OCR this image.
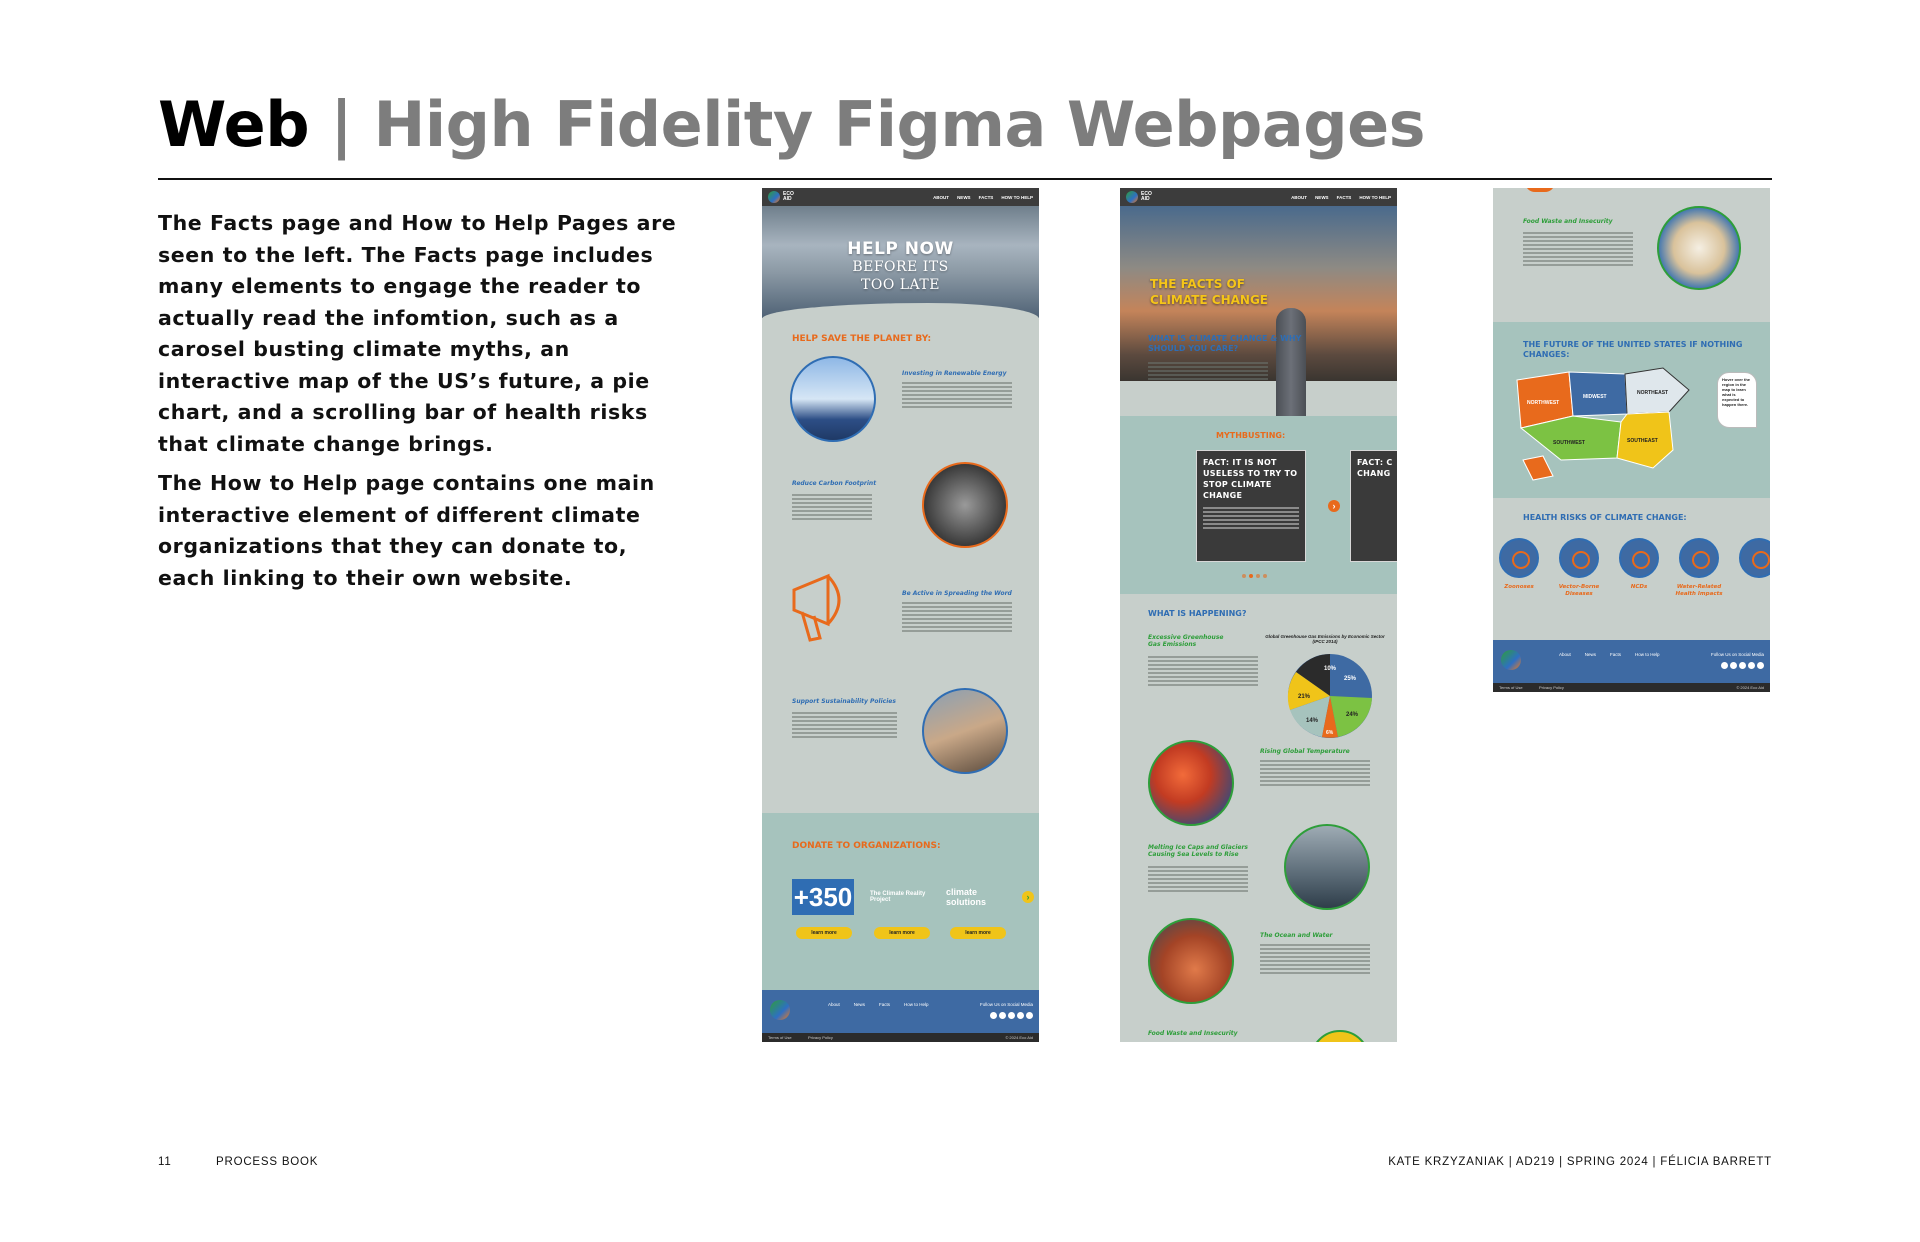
Web | High Fidelity Figma Webpages

The Facts page and How to Help Pages are seen to the left. The Facts page includes many elements to engage the reader to actually read the infomtion, such as a carosel busting climate myths, an interactive map of the US’s future, a pie chart, and a scrolling bar of health risks that climate change brings.

The How to Help page contains one main interactive element of different climate organizations that they can donate to, each linking to their own website.

ECO AID	ABOUT NEWS FACTS HOW TO HELP
HELP NOW
BEFORE ITS
TOO LATE
HELP SAVE THE PLANET BY:
Investing in Renewable Energy
Reduce Carbon Footprint
Be Active in Spreading the Word
Support Sustainability Policies
DONATE TO ORGANIZATIONS:
+ 350	The Climate Reality Project
climate solutions	›
learn more	learn more	learn more
About	News	Facts	How to Help	Follow Us on Social Media
Terms of Use	Privacy Policy	© 2024 Eco Aid
ECO AID	ABOUT NEWS FACTS HOW TO HELP
THE FACTS OF
CLIMATE CHANGE
WHAT IS CLIMATE CHANGE & WHY SHOULD YOU CARE?
MYTHBUSTING:
FACT: IT IS NOT USELESS TO TRY TO STOP CLIMATE CHANGE
FACT: C CHANG
›
WHAT IS HAPPENING?
Excessive Greenhouse Gas Emissions
Global Greenhouse Gas Emissions by Economic Sector (IPCC 2014)
10%
25%
21%
24%
14%
6%
Rising Global Temperature
Melting Ice Caps and Glaciers Causing Sea Levels to Rise
The Ocean and Water
Food Waste and Insecurity
Food Waste and Insecurity
THE FUTURE OF THE UNITED STATES IF NOTHING CHANGES:
NORTHWEST
MIDWEST
NORTHEAST
SOUTHWEST	SOUTHEAST
Hover over the region in the map to learn what is expected to happen there.
HEALTH RISKS OF CLIMATE CHANGE:
Zoonoses	Vector-Borne Diseases
NCDs	Water-Related Health Impacts
About	News	Facts	How to Help	Follow Us on Social Media
Terms of Use	Privacy Policy	© 2024 Eco Aid
11	PROCESS BOOK	KATE KRZYZANIAK | AD219 | SPRING 2024 | FÉLICIA BARRETT
